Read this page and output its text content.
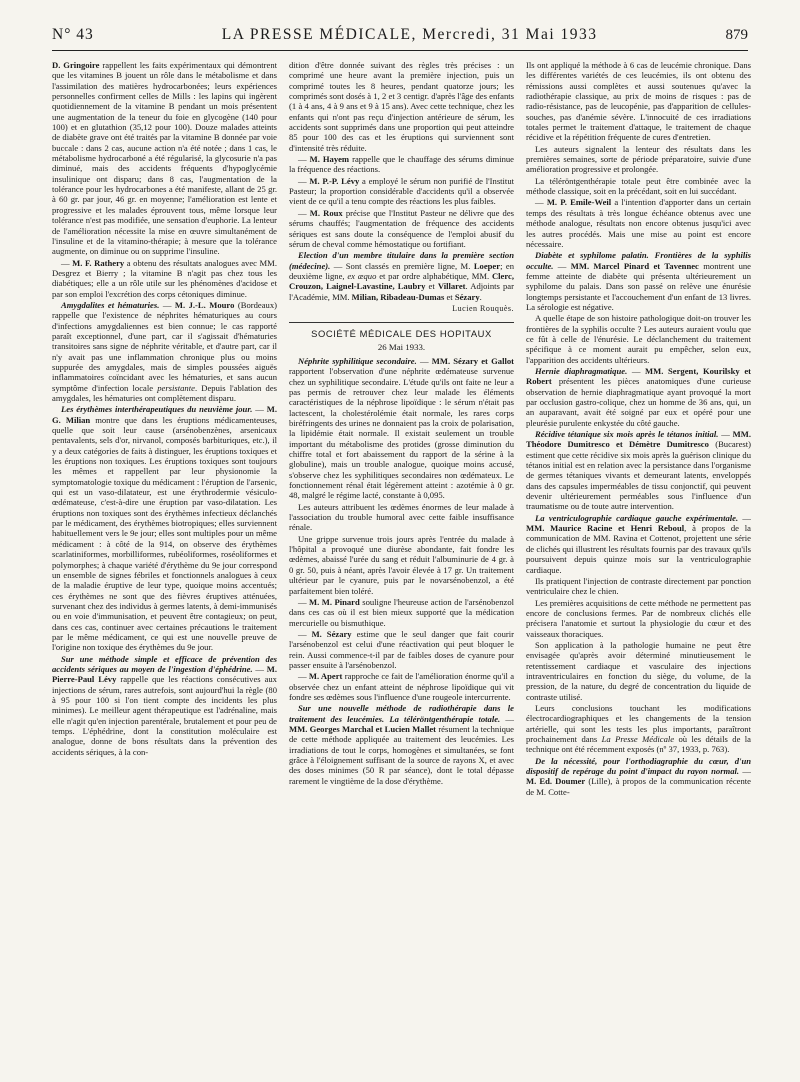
N° 43	LA PRESSE MÉDICALE, Mercredi, 31 Mai 1933	879

D. Gringoire rappellent les faits expérimentaux qui démontrent que les vitamines B jouent un rôle dans le métabolisme et dans l'assimilation des matières hydrocarbonées; leurs expériences personnelles confirment celles de Mills : les lapins qui ingèrent quotidiennement de la vitamine B pendant un mois présentent une augmentation de la teneur du foie en glycogène (140 pour 100) et en glutathion (35,12 pour 100). Douze malades atteints de diabète grave ont été traités par la vitamine B donnée par voie buccale : dans 2 cas, aucune action n'a été notée ; dans 1 cas, le métabolisme hydrocarboné a été régularisé, la glycosurie n'a pas diminué, mais des accidents fréquents d'hypoglycémie insulinique ont disparu; dans 8 cas, l'augmentation de la tolérance pour les hydrocarbones a été manifeste, allant de 25 gr. à 60 gr. par jour, 46 gr. en moyenne; l'amélioration est lente et progressive et les malades éprouvent tous, même lorsque leur tolérance n'est pas modifiée, une sensation d'euphorie. La lenteur de l'amélioration nécessite la mise en œuvre simultanément de l'insuline et de la vitamino-thérapie; à mesure que la tolérance augmente, on diminue ou on supprime l'insuline.

— M. F. Rathery a obtenu des résultats analogues avec MM. Desgrez et Bierry ; la vitamine B n'agit pas chez tous les diabétiques; elle a un rôle utile sur les phénomènes d'acidose et par son emploi l'excrétion des corps cétoniques diminue.

Amygdalites et hématuries. — M. J.-L. Mouro (Bordeaux) rappelle que l'existence de néphrites hématuriques au cours d'infections amygdaliennes est bien connue; le cas rapporté paraît exceptionnel, d'une part, car il s'agissait d'hématuries transitoires sans signe de néphrite véritable, et d'autre part, car il n'y avait pas une inflammation chronique plus ou moins suppurée des amygdales, mais de simples poussées aiguës inflammatoires coïncidant avec les hématuries, et sans aucun symptôme d'infection locale persistante. Depuis l'ablation des amygdales, les hématuries ont complètement disparu.

Les érythèmes interthérapeutiques du neuvième jour. — M. G. Milian montre que dans les éruptions médicamenteuses, quelle que soit leur cause (arsénobenzènes, arsenicaux pentavalents, sels d'or, nirvanol, composés barbituriques, etc.), il y a deux catégories de faits à distinguer, les éruptions toxiques et les éruptions non toxiques. Les éruptions toxiques sont toujours les mêmes et rappellent par leur physionomie la symptomatologie toxique du médicament : l'éruption de l'arsenic, qui est un vaso-dilatateur, est une érythrodermie vésiculo-œdémateuse, c'est-à-dire une éruption par vaso-dilatation. Les éruptions non toxiques sont des érythèmes infectieux déclanchés par le médicament, des érythèmes biotropiques; elles surviennent habituellement vers le 9e jour; elles sont multiples pour un même médicament : à côté de la 914, on observe des érythèmes scarlatiniformes, morbilliformes, rubéoliformes, roséoliformes et polymorphes; à chaque variété d'érythème du 9e jour correspond un ensemble de signes fébriles et fonctionnels analogues à ceux de la maladie éruptive de leur type, quoique moins accentués; ces érythèmes ne sont que des fièvres éruptives atténuées, survenant chez des individus à germes latents, à demi-immunisés ou en voie d'immunisation, et peuvent être contagieux; on peut, dans ces cas, continuer avec certaines précautions le traitement par le même médicament, ce qui est une nouvelle preuve de l'origine non toxique des érythèmes du 9e jour.

Sur une méthode simple et efficace de prévention des accidents sériques au moyen de l'ingestion d'éphédrine. — M. Pierre-Paul Lévy rappelle que les réactions consécutives aux injections de sérum, rares autrefois, sont aujourd'hui la règle (80 à 95 pour 100 si l'on tient compte des incidents les plus minimes). Le meilleur agent thérapeutique est l'adrénaline, mais elle n'agit qu'en injection parentérale, brutalement et pour peu de temps. L'éphédrine, dont la constitution moléculaire est analogue, donne de bons résultats dans la prévention des accidents sériques, à la con-

dition d'être donnée suivant des règles très précises : un comprimé une heure avant la première injection, puis un comprimé toutes les 8 heures, pendant quatorze jours; les comprimés sont dosés à 1, 2 et 3 centigr. d'après l'âge des enfants (1 à 4 ans, 4 à 9 ans et 9 à 15 ans). Avec cette technique, chez les enfants qui n'ont pas reçu d'injection antérieure de sérum, les accidents sont supprimés dans une proportion qui peut atteindre 85 pour 100 des cas et les éruptions qui surviennent sont d'intensité très réduite.

— M. Hayem rappelle que le chauffage des sérums diminue la fréquence des réactions.

— M. P.-P. Lévy a employé le sérum non purifié de l'Institut Pasteur; la proportion considérable d'accidents qu'il a observée vient de ce qu'il a tenu compte des réactions les plus faibles.

— M. Roux précise que l'Institut Pasteur ne délivre que des sérums chauffés; l'augmentation de fréquence des accidents sériques est sans doute la conséquence de l'emploi abusif du sérum de cheval comme hémostatique ou fortifiant.

Election d'un membre titulaire dans la première section (médecine). — Sont classés en première ligne, M. Loeper; en deuxième ligne, ex æquo et par ordre alphabétique, MM. Clerc, Crouzon, Laignel-Lavastine, Laubry et Villaret. Adjoints par l'Académie, MM. Milian, Ribadeau-Dumas et Sézary.

Lucien Rouquès.
SOCIÉTÉ MÉDICALE DES HOPITAUX
26 Mai 1933.

Néphrite syphilitique secondaire. — MM. Sézary et Gallot rapportent l'observation d'une néphrite œdémateuse survenue chez un syphilitique secondaire. L'étude qu'ils ont faite ne leur a pas permis de retrouver chez leur malade les éléments caractéristiques de la néphrose lipoïdique : le sérum n'était pas lactescent, la cholestérolémie était normale, les rares corps biréfringents des urines ne donnaient pas la croix de polarisation, la lipidémie était normale. Il existait seulement un trouble important du métabolisme des protides (grosse diminution du chiffre total et fort abaissement du rapport de la sérine à la globuline), mais un trouble analogue, quoique moins accusé, s'observe chez les syphilitiques secondaires non œdémateux. Le fonctionnement rénal était légèrement atteint : azotémie à 0 gr. 48, malgré le régime lacté, constante à 0,095.

Les auteurs attribuent les œdèmes énormes de leur malade à l'association du trouble humoral avec cette faible insuffisance rénale.

Une grippe survenue trois jours après l'entrée du malade à l'hôpital a provoqué une diurèse abondante, fait fondre les œdèmes, abaissé l'urée du sang et réduit l'albuminurie de 4 gr. à 0 gr. 50, puis à néant, après l'avoir élevée à 17 gr. Un traitement ultérieur par le cyanure, puis par le novarsénobenzol, a été parfaitement bien toléré.

— M. M. Pinard souligne l'heureuse action de l'arsénobenzol dans ces cas où il est bien mieux supporté que la médication mercurielle ou bismuthique.

— M. Sézary estime que le seul danger que fait courir l'arsénobenzol est celui d'une réactivation qui peut bloquer le rein. Aussi commence-t-il par de faibles doses de cyanure pour passer ensuite à l'arsénobenzol.

— M. Apert rapproche ce fait de l'amélioration énorme qu'il a observée chez un enfant atteint de néphrose lipoïdique qui vit fondre ses œdèmes sous l'influence d'une rougeole intercurrente.

Sur une nouvelle méthode de radiothérapie dans le traitement des leucémies. La téléröntgenthérapie totale. — MM. Georges Marchal et Lucien Mallet résument la technique de cette méthode appliquée au traitement des leucémies. Les irradiations de tout le corps, homogènes et simultanées, se font grâce à l'éloignement suffisant de la source de rayons X, et avec des doses minimes (50 R par séance), dont le total dépasse rarement le vingtième de la dose d'érythème.

Ils ont appliqué la méthode à 6 cas de leucémie chronique. Dans les différentes variétés de ces leucémies, ils ont obtenu des rémissions aussi complètes et aussi soutenues qu'avec la radiothérapie classique, au prix de moins de risques : pas de radio-résistance, pas de leucopénie, pas d'apparition de cellules-souches, pas d'anémie sévère. L'innocuité de ces irradiations totales permet le traitement d'attaque, le traitement de chaque récidive et la répétition fréquente de cures d'entretien.

Les auteurs signalent la lenteur des résultats dans les premières semaines, sorte de période préparatoire, suivie d'une amélioration progressive et prolongée.

La téléröntgenthérapie totale peut être combinée avec la méthode classique, soit en la précédant, soit en lui succédant.

— M. P. Emile-Weil a l'intention d'apporter dans un certain temps des résultats à très longue échéance obtenus avec une méthode analogue, résultats non encore obtenus jusqu'ici avec les autres procédés. Mais une mise au point est encore nécessaire.

Diabète et syphilome palatin. Frontières de la syphilis occulte. — MM. Marcel Pinard et Tavennec montrent une femme atteinte de diabète qui présenta ultérieurement un syphilome du palais. Dans son passé on relève une énurésie longtemps persistante et l'accouchement d'un enfant de 13 livres. La sérologie est négative.

A quelle étape de son histoire pathologique doit-on trouver les frontières de la syphilis occulte ? Les auteurs auraient voulu que ce fût à celle de l'énurésie. Le déclanchement du traitement spécifique à ce moment aurait pu empêcher, selon eux, l'apparition des accidents ultérieurs.

Hernie diaphragmatique. — MM. Sergent, Kourilsky et Robert présentent les pièces anatomiques d'une curieuse observation de hernie diaphragmatique ayant provoqué la mort par occlusion gastro-colique, chez un homme de 36 ans, qui, un an auparavant, avait été soigné par eux et opéré pour une pleurésie purulente enkystée du côté gauche.

Récidive tétanique six mois après le tétanos initial. — MM. Théodore Dumitresco et Démètre Dumitresco (Bucarest) estiment que cette récidive six mois après la guérison clinique du tétanos initial est en relation avec la persistance dans l'organisme de germes tétaniques vivants et demeurant latents, enveloppés dans des capsules imperméables de tissu conjonctif, qui peuvent devenir ultérieurement perméables sous l'influence d'un traumatisme ou de toute autre intervention.

La ventriculographie cardiaque gauche expérimentale. — MM. Maurice Racine et Henri Reboul, à propos de la communication de MM. Ravina et Cottenot, projettent une série de clichés qui illustrent les résultats fournis par des travaux qu'ils poursuivent depuis quinze mois sur la ventriculographie cardiaque.

Ils pratiquent l'injection de contraste directement par ponction ventriculaire chez le chien.

Les premières acquisitions de cette méthode ne permettent pas encore de conclusions fermes. Par de nombreux clichés elle précisera l'anatomie et surtout la physiologie du cœur et des vaisseaux thoraciques.

Son application à la pathologie humaine ne peut être envisagée qu'après avoir déterminé minutieusement le retentissement cardiaque et vasculaire des injections intraventriculaires en fonction du siège, du volume, de la pression, de la nature, du degré de concentration du liquide de contraste utilisé.

Leurs conclusions touchant les modifications électrocardiographiques et les changements de la tension artérielle, qui sont les tests les plus importants, paraîtront prochainement dans La Presse Médicale où les détails de la technique ont été récemment exposés (nº 37, 1933, p. 763).

De la nécessité, pour l'orthodiagraphie du cœur, d'un dispositif de repérage du point d'impact du rayon normal. — M. Ed. Doumer (Lille), à propos de la communication récente de M. Cotte-
